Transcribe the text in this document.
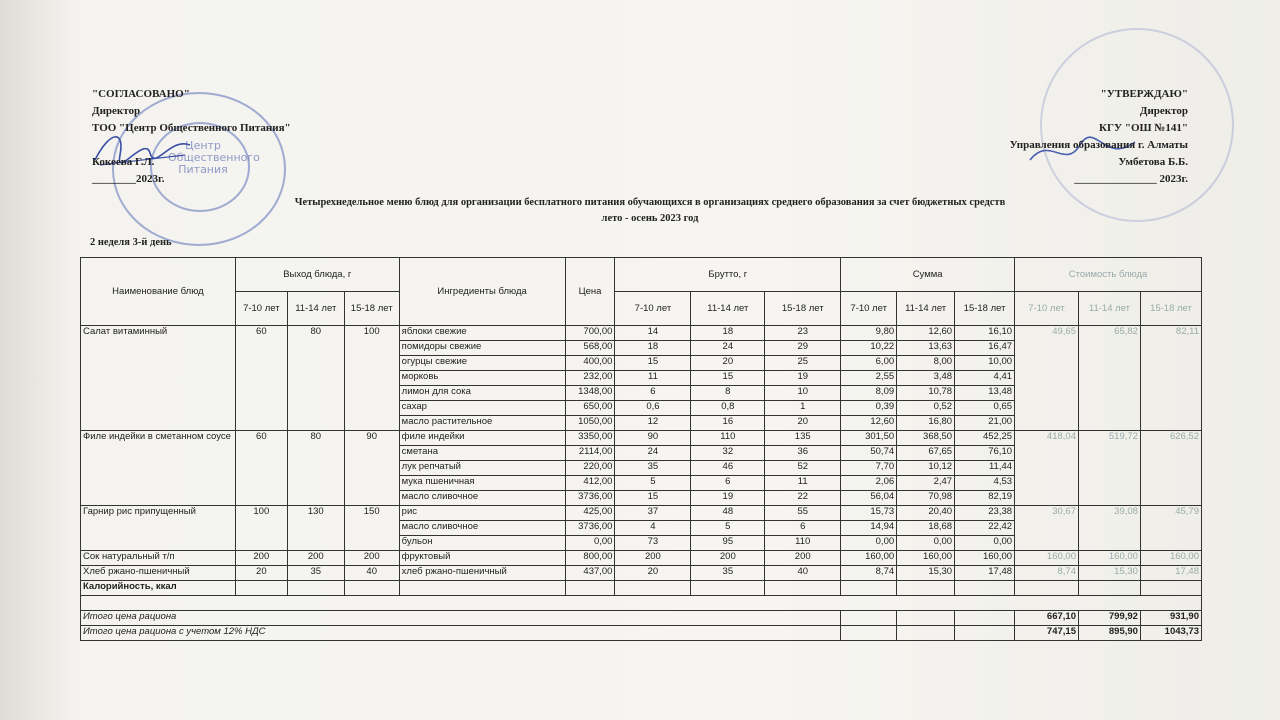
Центр Общественного Питания
"СОГЛАСОВАНО"
Директор
ТОО "Центр Общественного Питания"
Кокеева Г.Л.
________2023г.
"УТВЕРЖДАЮ"
Директор
КГУ "ОШ №141"
Управления образования г. Алматы
Умбетова Б.Б.
_______________ 2023г.
Четырехнедельное меню блюд для организации бесплатного питания обучающихся в организациях среднего образования за счет бюджетных средств
лето - осень 2023 год
2 неделя 3-й день
Наименование блюд	Выход блюда, г			Ингредиенты блюда	Цена	Брутто, г			Сумма			Стоимость блюда		
	7-10 лет	11-14 лет	15-18 лет			7-10 лет	11-14 лет	15-18 лет	7-10 лет	11-14 лет	15-18 лет	7-10 лет	11-14 лет	15-18 лет
Салат витаминный	60	80	100	яблоки свежие	700,00	14	18	23	9,80	12,60	16,10	49,65	65,82	82,11
				помидоры свежие	568,00	18	24	29	10,22	13,63	16,47			
				огурцы свежие	400,00	15	20	25	6,00	8,00	10,00			
				морковь	232,00	11	15	19	2,55	3,48	4,41			
				лимон для сока	1348,00	6	8	10	8,09	10,78	13,48			
				сахар	650,00	0,6	0,8	1	0,39	0,52	0,65			
				масло растительное	1050,00	12	16	20	12,60	16,80	21,00			
Филе индейки в сметанном соусе	60	80	90	филе индейки	3350,00	90	110	135	301,50	368,50	452,25	418,04	519,72	626,52
				сметана	2114,00	24	32	36	50,74	67,65	76,10			
				лук репчатый	220,00	35	46	52	7,70	10,12	11,44			
				мука пшеничная	412,00	5	6	11	2,06	2,47	4,53			
				масло сливочное	3736,00	15	19	22	56,04	70,98	82,19			
Гарнир рис припущенный	100	130	150	рис	425,00	37	48	55	15,73	20,40	23,38	30,67	39,08	45,79
				масло сливочное	3736,00	4	5	6	14,94	18,68	22,42			
				бульон	0,00	73	95	110	0,00	0,00	0,00			
Сок натуральный т/п	200	200	200	фруктовый	800,00	200	200	200	160,00	160,00	160,00	160,00	160,00	160,00
Хлеб ржано-пшеничный	20	35	40	хлеб ржано-пшеничный	437,00	20	35	40	8,74	15,30	17,48	8,74	15,30	17,48
Калорийность, ккал														

Итого цена рациона												667,10	799,92	931,90
Итого цена рациона с учетом 12% НДС												747,15	895,90	1043,73
